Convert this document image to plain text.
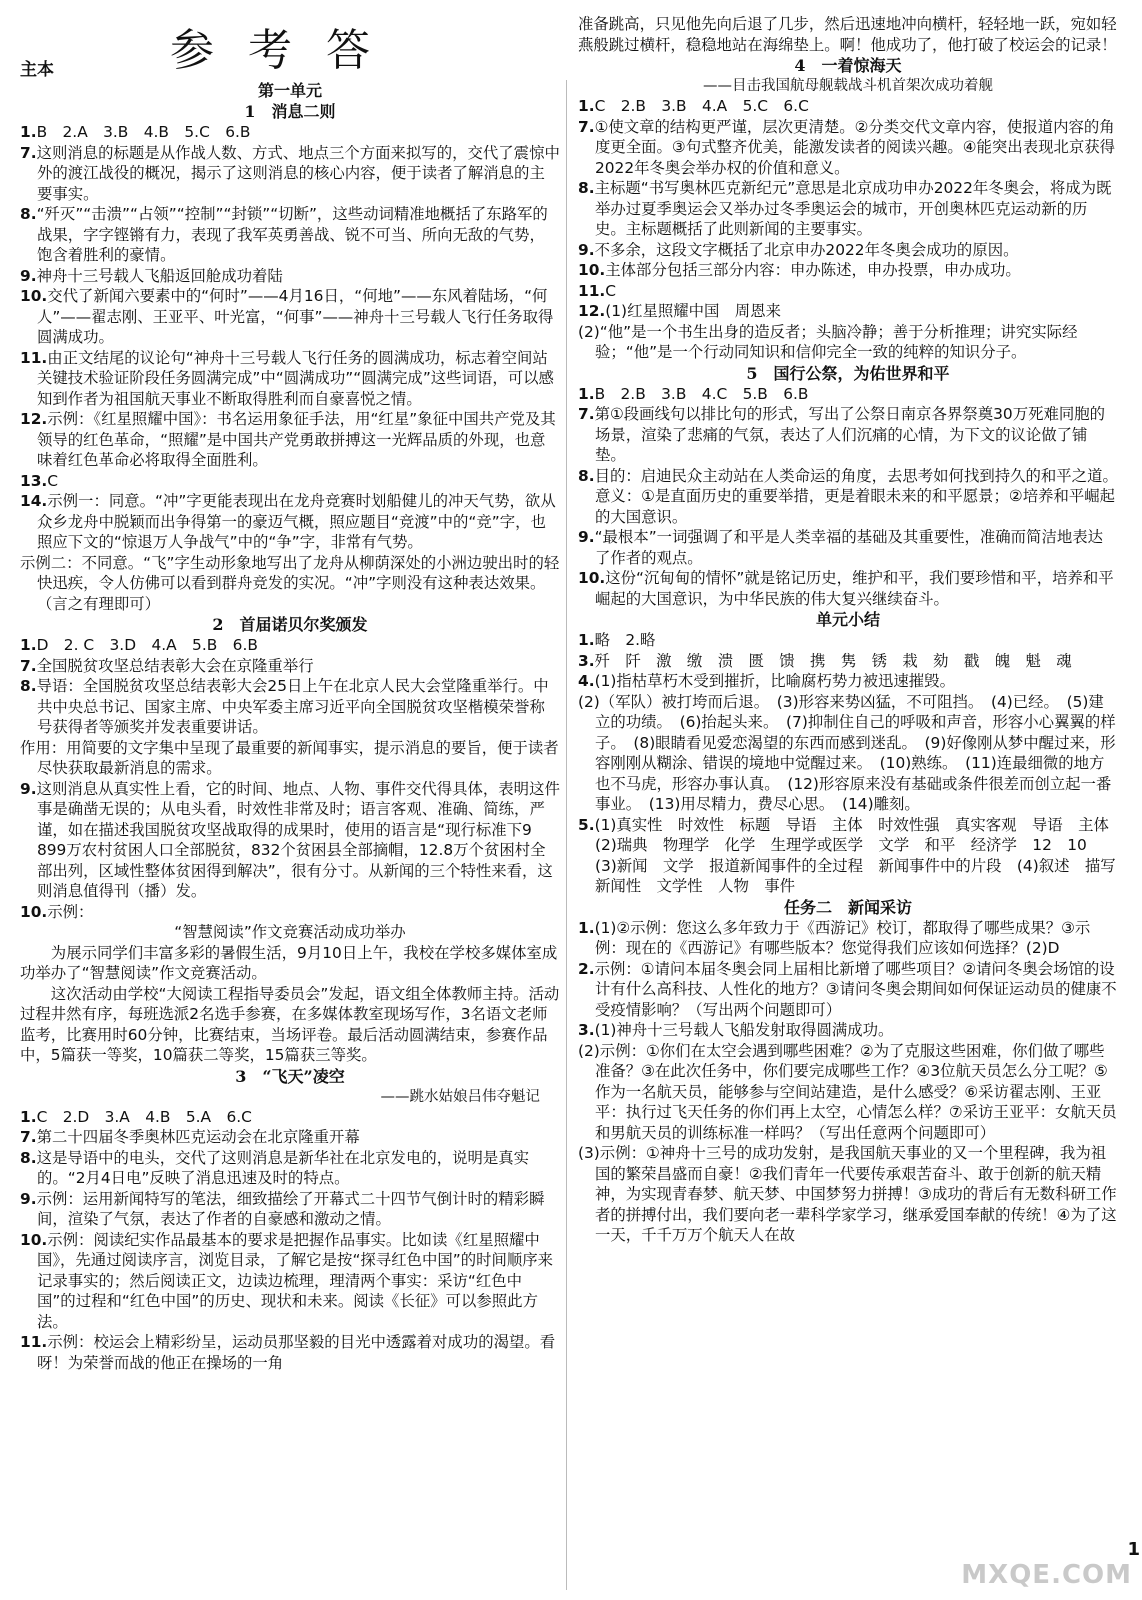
参 考 答
主本
第一单元
1　消息二则

1.B　2.A　3.B　4.B　5.C　6.B

7.这则消息的标题是从作战人数、方式、地点三个方面来拟写的，交代了震惊中外的渡江战役的概况，揭示了这则消息的核心内容，便于读者了解消息的主要事实。

8.“歼灭”“击溃”“占领”“控制”“封锁”“切断”，这些动词精准地概括了东路军的战果，字字铿锵有力，表现了我军英勇善战、锐不可当、所向无敌的气势，饱含着胜利的豪情。

9.神舟十三号载人飞船返回舱成功着陆

10.交代了新闻六要素中的“何时”——4月16日，“何地”——东风着陆场，“何人”——翟志刚、王亚平、叶光富，“何事”——神舟十三号载人飞行任务取得圆满成功。

11.由正文结尾的议论句“神舟十三号载人飞行任务的圆满成功，标志着空间站关键技术验证阶段任务圆满完成”中“圆满成功”“圆满完成”这些词语，可以感知到作者为祖国航天事业不断取得胜利而自豪喜悦之情。

12.示例：《红星照耀中国》：书名运用象征手法，用“红星”象征中国共产党及其领导的红色革命，“照耀”是中国共产党勇敢拼搏这一光辉品质的外现，也意味着红色革命必将取得全面胜利。

13.C

14.示例一：同意。“冲”字更能表现出在龙舟竞赛时划船健儿的冲天气势，欲从众乡龙舟中脱颖而出争得第一的豪迈气概，照应题目“竞渡”中的“竞”字，也照应下文的“惊退万人争战气”中的“争”字，非常有气势。

示例二：不同意。“飞”字生动形象地写出了龙舟从柳荫深处的小洲边驶出时的轻快迅疾，令人仿佛可以看到群舟竞发的实况。“冲”字则没有这种表达效果。（言之有理即可）

2　首届诺贝尔奖颁发

1.D　2. C　3.D　4.A　5.B　6.B

7.全国脱贫攻坚总结表彰大会在京隆重举行

8.导语：全国脱贫攻坚总结表彰大会25日上午在北京人民大会堂隆重举行。中共中央总书记、国家主席、中央军委主席习近平向全国脱贫攻坚楷模荣誉称号获得者等颁奖并发表重要讲话。

作用：用简要的文字集中呈现了最重要的新闻事实，提示消息的要旨，便于读者尽快获取最新消息的需求。

9.这则消息从真实性上看，它的时间、地点、人物、事件交代得具体，表明这件事是确凿无误的；从电头看，时效性非常及时；语言客观、准确、简练，严谨，如在描述我国脱贫攻坚战取得的成果时，使用的语言是“现行标准下9 899万农村贫困人口全部脱贫，832个贫困县全部摘帽，12.8万个贫困村全部出列，区域性整体贫困得到解决”，很有分寸。从新闻的三个特性来看，这则消息值得刊（播）发。

10.示例：

“智慧阅读”作文竞赛活动成功举办

为展示同学们丰富多彩的暑假生活，9月10日上午，我校在学校多媒体室成功举办了“智慧阅读”作文竞赛活动。

这次活动由学校“大阅读工程指导委员会”发起，语文组全体教师主持。活动过程井然有序，每班选派2名选手参赛，在多媒体教室现场写作，3名语文老师监考，比赛用时60分钟，比赛结束，当场评卷。最后活动圆满结束，参赛作品中，5篇获一等奖，10篇获二等奖，15篇获三等奖。

3　“飞天”凌空
——跳水姑娘吕伟夺魁记

1.C　2.D　3.A　4.B　5.A　6.C

7.第二十四届冬季奥林匹克运动会在北京隆重开幕

8.这是导语中的电头，交代了这则消息是新华社在北京发电的，说明是真实的。“2月4日电”反映了消息迅速及时的特点。

9.示例：运用新闻特写的笔法，细致描绘了开幕式二十四节气倒计时的精彩瞬间，渲染了气氛，表达了作者的自豪感和激动之情。

10.示例：阅读纪实作品最基本的要求是把握作品事实。比如读《红星照耀中国》，先通过阅读序言，浏览目录，了解它是按“探寻红色中国”的时间顺序来记录事实的；然后阅读正文，边读边梳理，理清两个事实：采访“红色中国”的过程和“红色中国”的历史、现状和未来。阅读《长征》可以参照此方法。

11.示例：校运会上精彩纷呈，运动员那坚毅的目光中透露着对成功的渴望。看呀！为荣誉而战的他正在操场的一角

准备跳高，只见他先向后退了几步，然后迅速地冲向横杆，轻轻地一跃，宛如轻燕般跳过横杆，稳稳地站在海绵垫上。啊！他成功了，他打破了校运会的记录！

4　一着惊海天
——目击我国航母舰载战斗机首架次成功着舰

1.C　2.B　3.B　4.A　5.C　6.C

7.①使文章的结构更严谨，层次更清楚。②分类交代文章内容，使报道内容的角度更全面。③句式整齐优美，能激发读者的阅读兴趣。④能突出表现北京获得2022年冬奥会举办权的价值和意义。

8.主标题“书写奥林匹克新纪元”意思是北京成功申办2022年冬奥会，将成为既举办过夏季奥运会又举办过冬季奥运会的城市，开创奥林匹克运动新的历史。主标题概括了此则新闻的主要事实。

9.不多余，这段文字概括了北京申办2022年冬奥会成功的原因。

10.主体部分包括三部分内容：申办陈述，申办投票，申办成功。

11.C

12.(1)红星照耀中国　周恩来

(2)“他”是一个书生出身的造反者；头脑冷静；善于分析推理；讲究实际经验；“他”是一个行动同知识和信仰完全一致的纯粹的知识分子。

5　国行公祭，为佑世界和平

1.B　2.B　3.B　4.C　5.B　6.B

7.第①段画线句以排比句的形式，写出了公祭日南京各界祭奠30万死难同胞的场景，渲染了悲痛的气氛，表达了人们沉痛的心情，为下文的议论做了铺垫。

8.目的：启迪民众主动站在人类命运的角度，去思考如何找到持久的和平之道。意义：①是直面历史的重要举措，更是着眼未来的和平愿景；②培养和平崛起的大国意识。

9.“最根本”一词强调了和平是人类幸福的基础及其重要性，准确而简洁地表达了作者的观点。

10.这份“沉甸甸的情怀”就是铭记历史，维护和平，我们要珍惜和平，培养和平崛起的大国意识，为中华民族的伟大复兴继续奋斗。

单元小结

1.略　2.略

3.歼　阡　激　缴　溃　匮　馈　携　隽　锈　栽　劾　戳　魄　魁　魂

4.(1)指枯草朽木受到摧折，比喻腐朽势力被迅速摧毁。

(2)（军队）被打垮而后退。　(3)形容来势凶猛，不可阻挡。　(4)已经。　(5)建立的功绩。　(6)抬起头来。　(7)抑制住自己的呼吸和声音，形容小心翼翼的样子。　(8)眼睛看见爱恋渴望的东西而感到迷乱。　(9)好像刚从梦中醒过来，形容刚刚从糊涂、错误的境地中觉醒过来。　(10)熟练。　(11)连最细微的地方也不马虎，形容办事认真。　(12)形容原来没有基础或条件很差而创立起一番事业。　(13)用尽精力，费尽心思。　(14)雕刻。

5.(1)真实性　时效性　标题　导语　主体　时效性强　真实客观　导语　主体　(2)瑞典　物理学　化学　生理学或医学　文学　和平　经济学　12　10　(3)新闻　文学　报道新闻事件的全过程　新闻事件中的片段　(4)叙述　描写　新闻性　文学性　人物　事件

任务二　新闻采访

1.(1)②示例：您这么多年致力于《西游记》校订，都取得了哪些成果？③示例：现在的《西游记》有哪些版本？您觉得我们应该如何选择？(2)D

2.示例：①请问本届冬奥会同上届相比新增了哪些项目？②请问冬奥会场馆的设计有什么高科技、人性化的地方？③请问冬奥会期间如何保证运动员的健康不受疫情影响？（写出两个问题即可）

3.(1)神舟十三号载人飞船发射取得圆满成功。

(2)示例：①你们在太空会遇到哪些困难？②为了克服这些困难，你们做了哪些准备？③在此次任务中，你们要完成哪些工作？④3位航天员怎么分工呢？⑤作为一名航天员，能够参与空间站建造，是什么感受？⑥采访翟志刚、王亚平：执行过飞天任务的你们再上太空，心情怎么样？⑦采访王亚平：女航天员和男航天员的训练标准一样吗？（写出任意两个问题即可）

(3)示例：①神舟十三号的成功发射，是我国航天事业的又一个里程碑，我为祖国的繁荣昌盛而自豪！②我们青年一代要传承艰苦奋斗、敢于创新的航天精神，为实现青春梦、航天梦、中国梦努力拼搏！③成功的背后有无数科研工作者的拼搏付出，我们要向老一辈科学家学习，继承爱国奉献的传统！④为了这一天，千千万万个航天人在故

1
MXQE.COM
